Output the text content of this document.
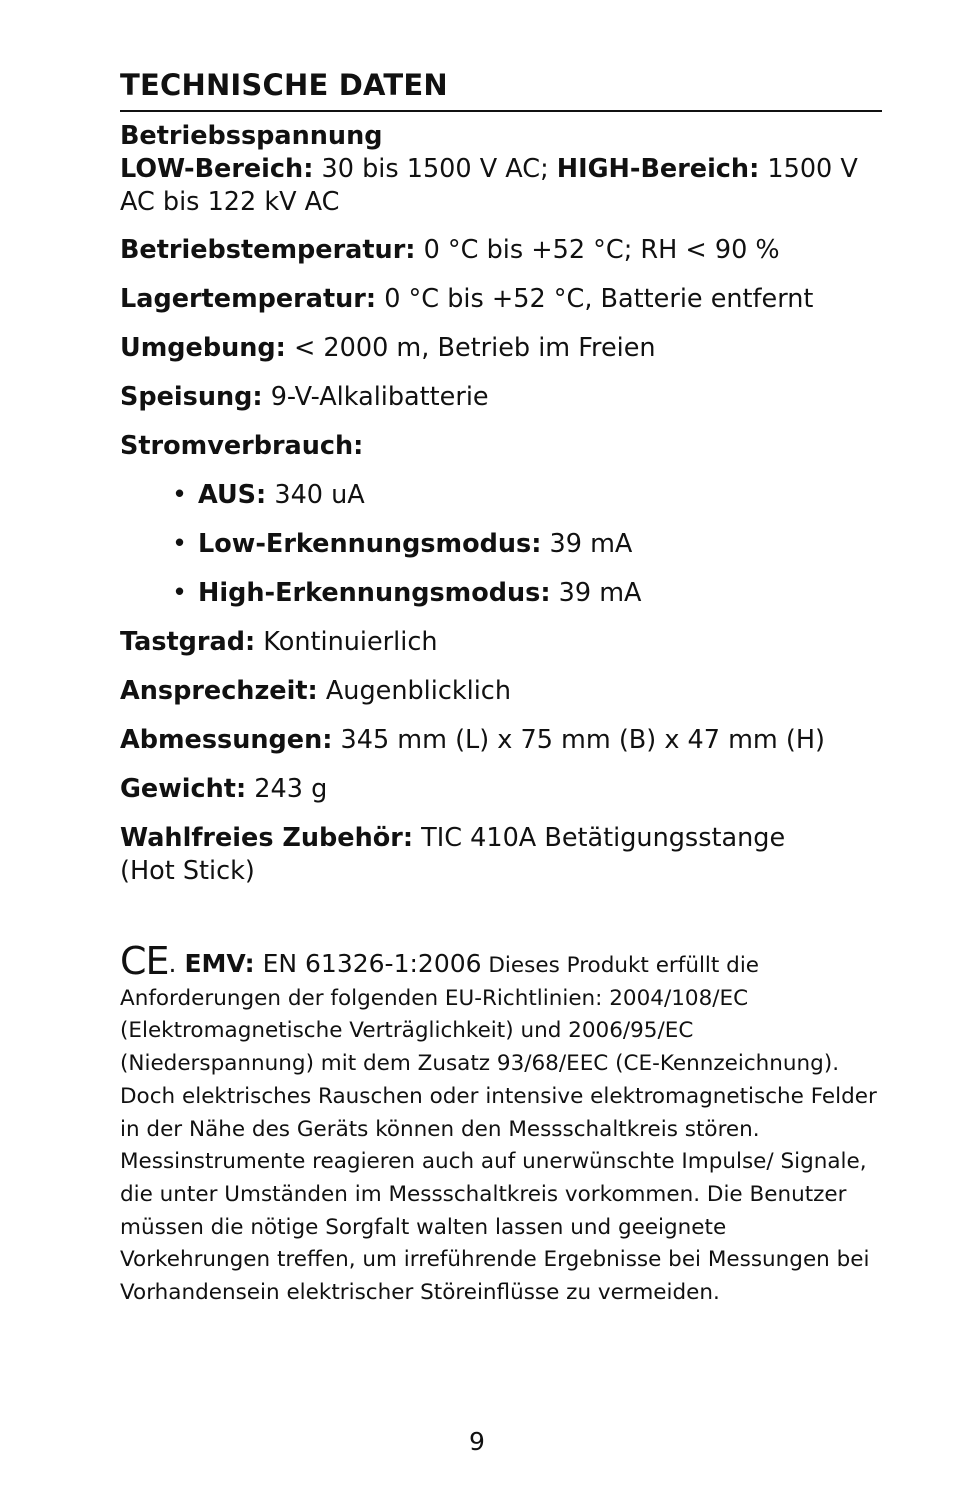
TECHNISCHE DATEN

Betriebsspannung
LOW-Bereich: 30 bis 1500 V AC; HIGH-Bereich: 1500 V AC bis 122 kV AC

Betriebstemperatur: 0 °C bis +52 °C; RH < 90 %

Lagertemperatur: 0 °C bis +52 °C, Batterie entfernt

Umgebung: < 2000 m, Betrieb im Freien

Speisung: 9-V-Alkalibatterie

Stromverbrauch:

• AUS: 340 uA
• Low-Erkennungsmodus: 39 mA
• High-Erkennungsmodus: 39 mA

Tastgrad: Kontinuierlich

Ansprechzeit: Augenblicklich

Abmessungen: 345 mm (L) x 75 mm (B) x 47 mm (H)

Gewicht: 243 g

Wahlfreies Zubehör: TIC 410A Betätigungsstange (Hot Stick)

CE. EMV: EN 61326-1:2006 Dieses Produkt erfüllt die Anforderungen der folgenden EU-Richtlinien: 2004/108/EC (Elektromagnetische Verträglichkeit) und 2006/95/EC (Niederspannung) mit dem Zusatz 93/68/EEC (CE-Kennzeichnung). Doch elektrisches Rauschen oder intensive elektromagnetische Felder in der Nähe des Geräts können den Messschaltkreis stören. Messinstrumente reagieren auch auf unerwünschte Impulse/ Signale, die unter Umständen im Messschaltkreis vorkommen. Die Benutzer müssen die nötige Sorgfalt walten lassen und geeignete Vorkehrungen treffen, um irreführende Ergebnisse bei Messungen bei Vorhandensein elektrischer Störeinflüsse zu vermeiden.

9
